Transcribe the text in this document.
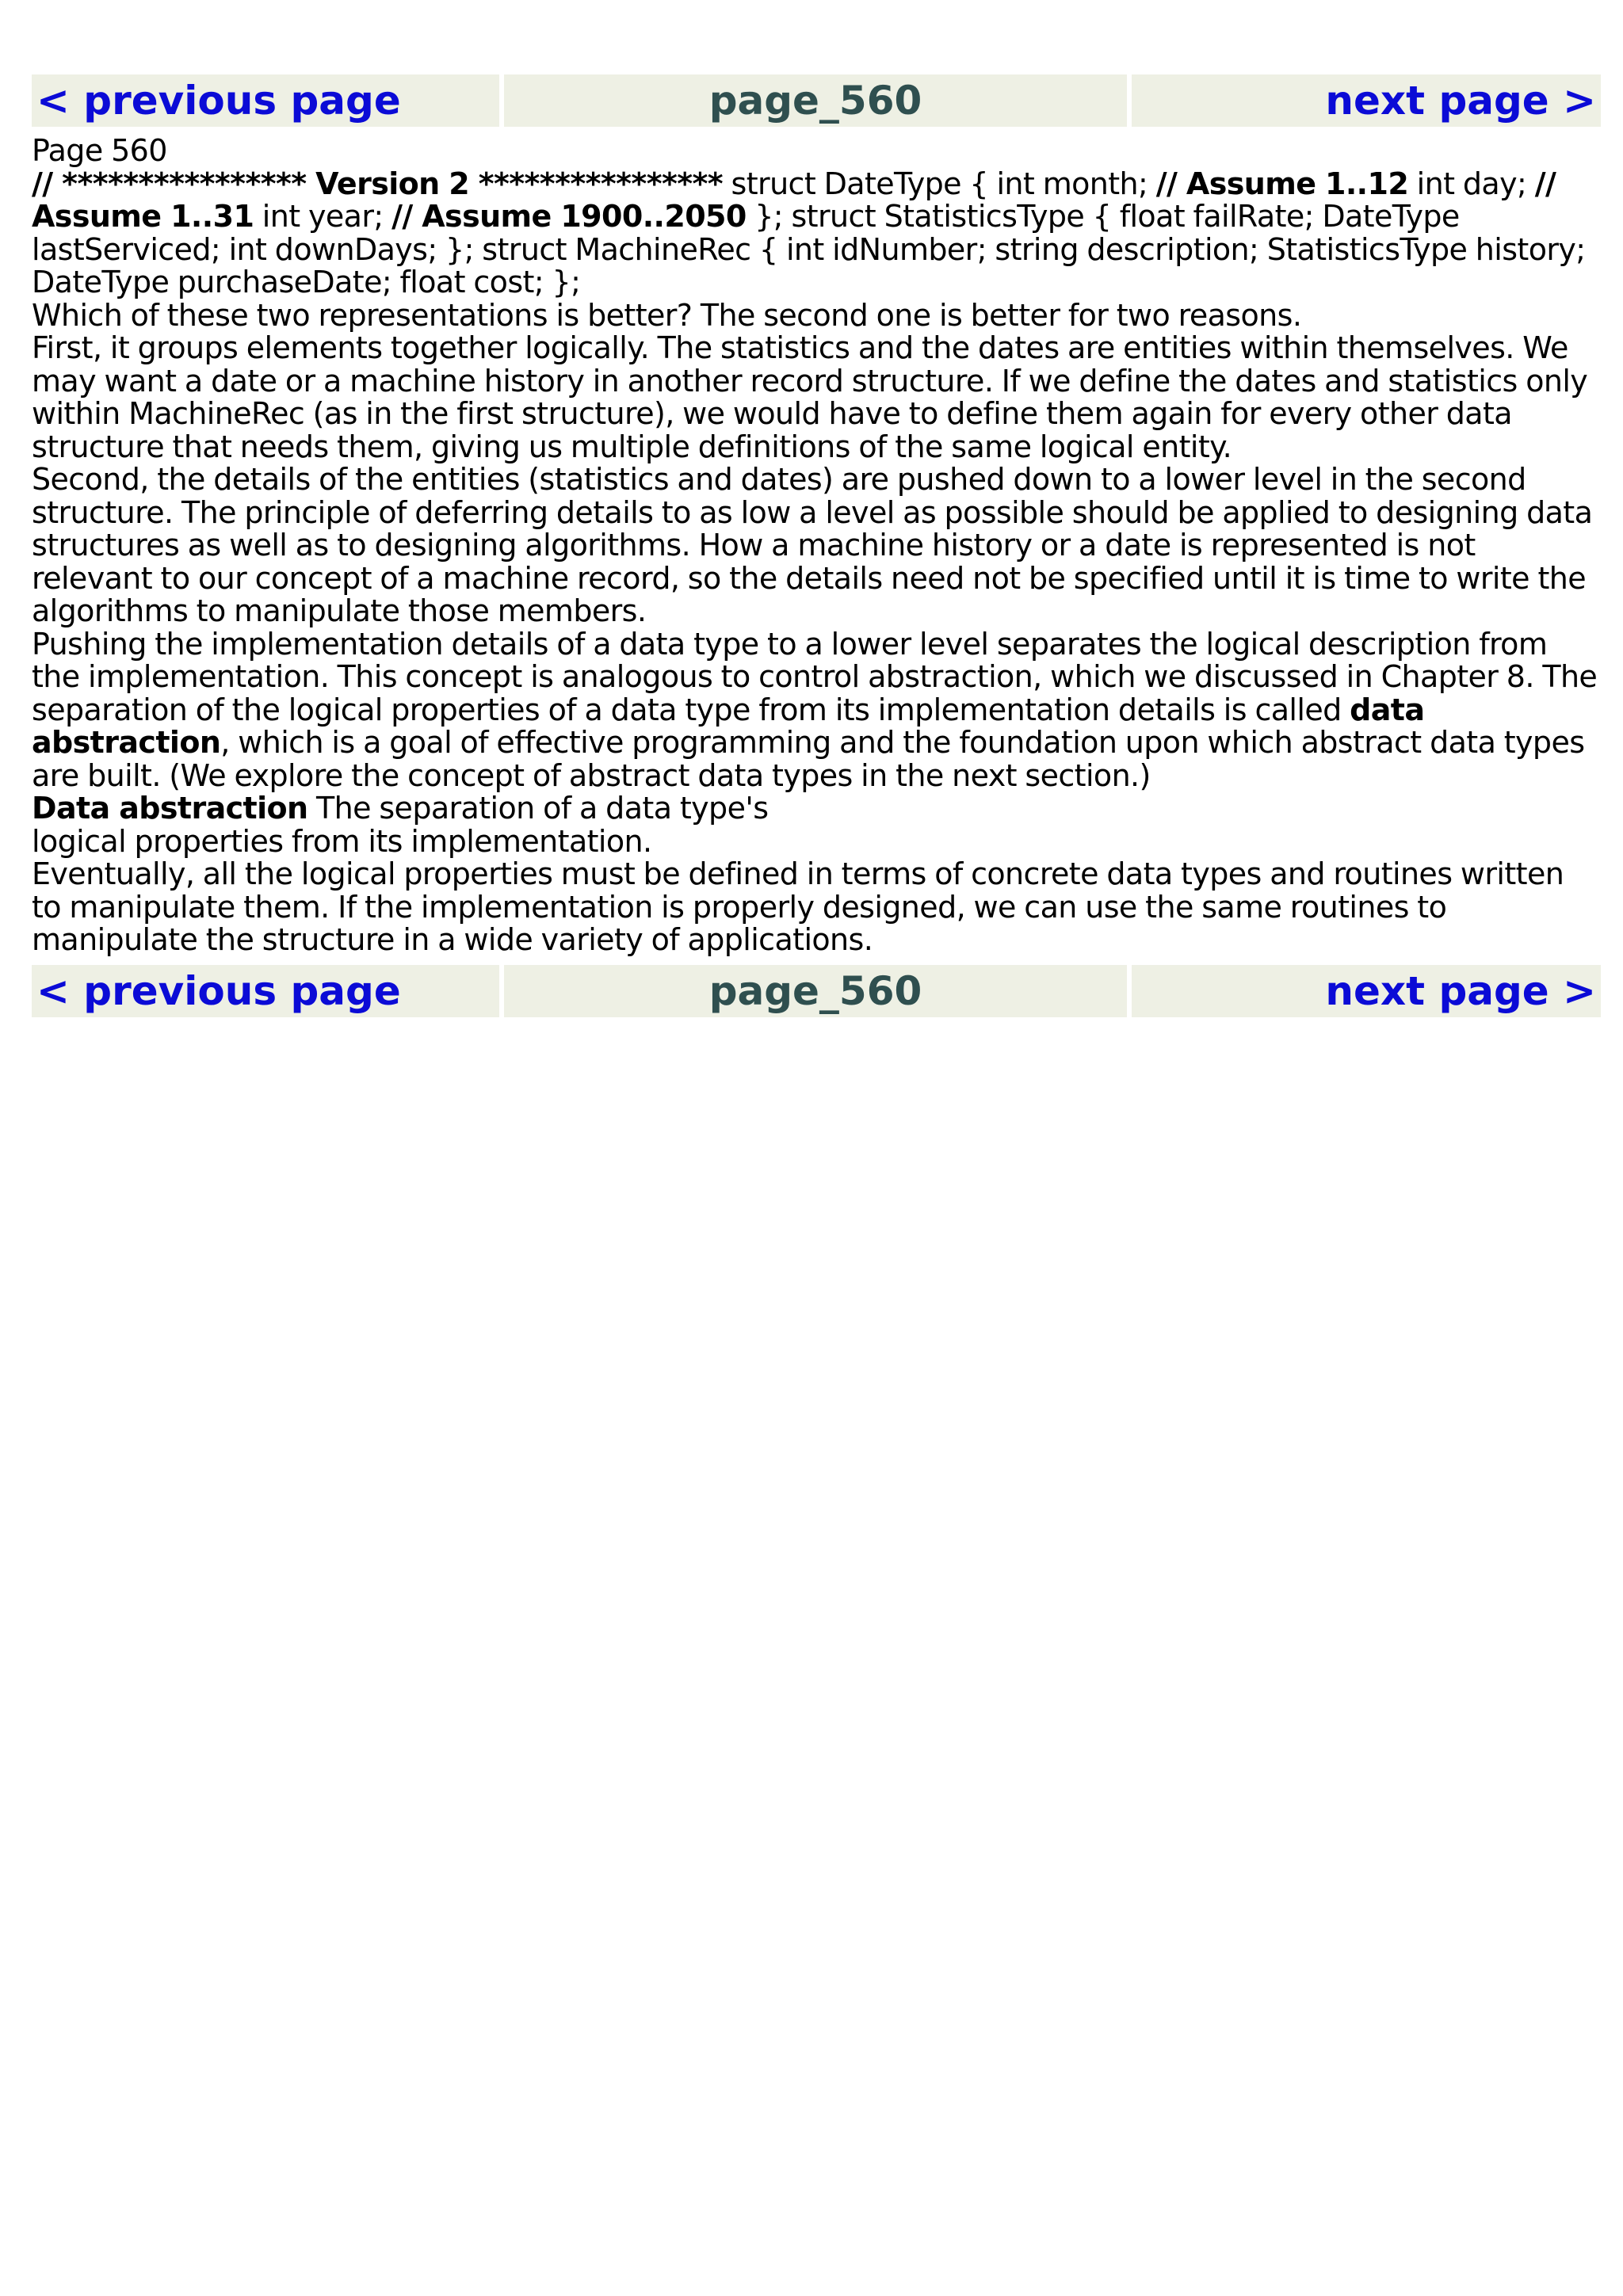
< previous page	page_560	next page >

Page 560

// **************** Version 2 **************** struct DateType { int month; // Assume 1..12 int day; // Assume 1..31 int year; // Assume 1900..2050 }; struct StatisticsType { float failRate; DateType lastServiced; int downDays; }; struct MachineRec { int idNumber; string description; StatisticsType history; DateType purchaseDate; float cost; };

Which of these two representations is better? The second one is better for two reasons.

First, it groups elements together logically. The statistics and the dates are entities within themselves. We may want a date or a machine history in another record structure. If we define the dates and statistics only within MachineRec (as in the first structure), we would have to define them again for every other data structure that needs them, giving us multiple definitions of the same logical entity.

Second, the details of the entities (statistics and dates) are pushed down to a lower level in the second structure. The principle of deferring details to as low a level as possible should be applied to designing data structures as well as to designing algorithms. How a machine history or a date is represented is not relevant to our concept of a machine record, so the details need not be specified until it is time to write the algorithms to manipulate those members.

Pushing the implementation details of a data type to a lower level separates the logical description from the implementation. This concept is analogous to control abstraction, which we discussed in Chapter 8. The separation of the logical properties of a data type from its implementation details is called data abstraction, which is a goal of effective programming and the foundation upon which abstract data types are built. (We explore the concept of abstract data types in the next section.)

Data abstraction The separation of a data type's logical properties from its implementation.

Eventually, all the logical properties must be defined in terms of concrete data types and routines written to manipulate them. If the implementation is properly designed, we can use the same routines to manipulate the structure in a wide variety of applications.

< previous page	page_560	next page >
